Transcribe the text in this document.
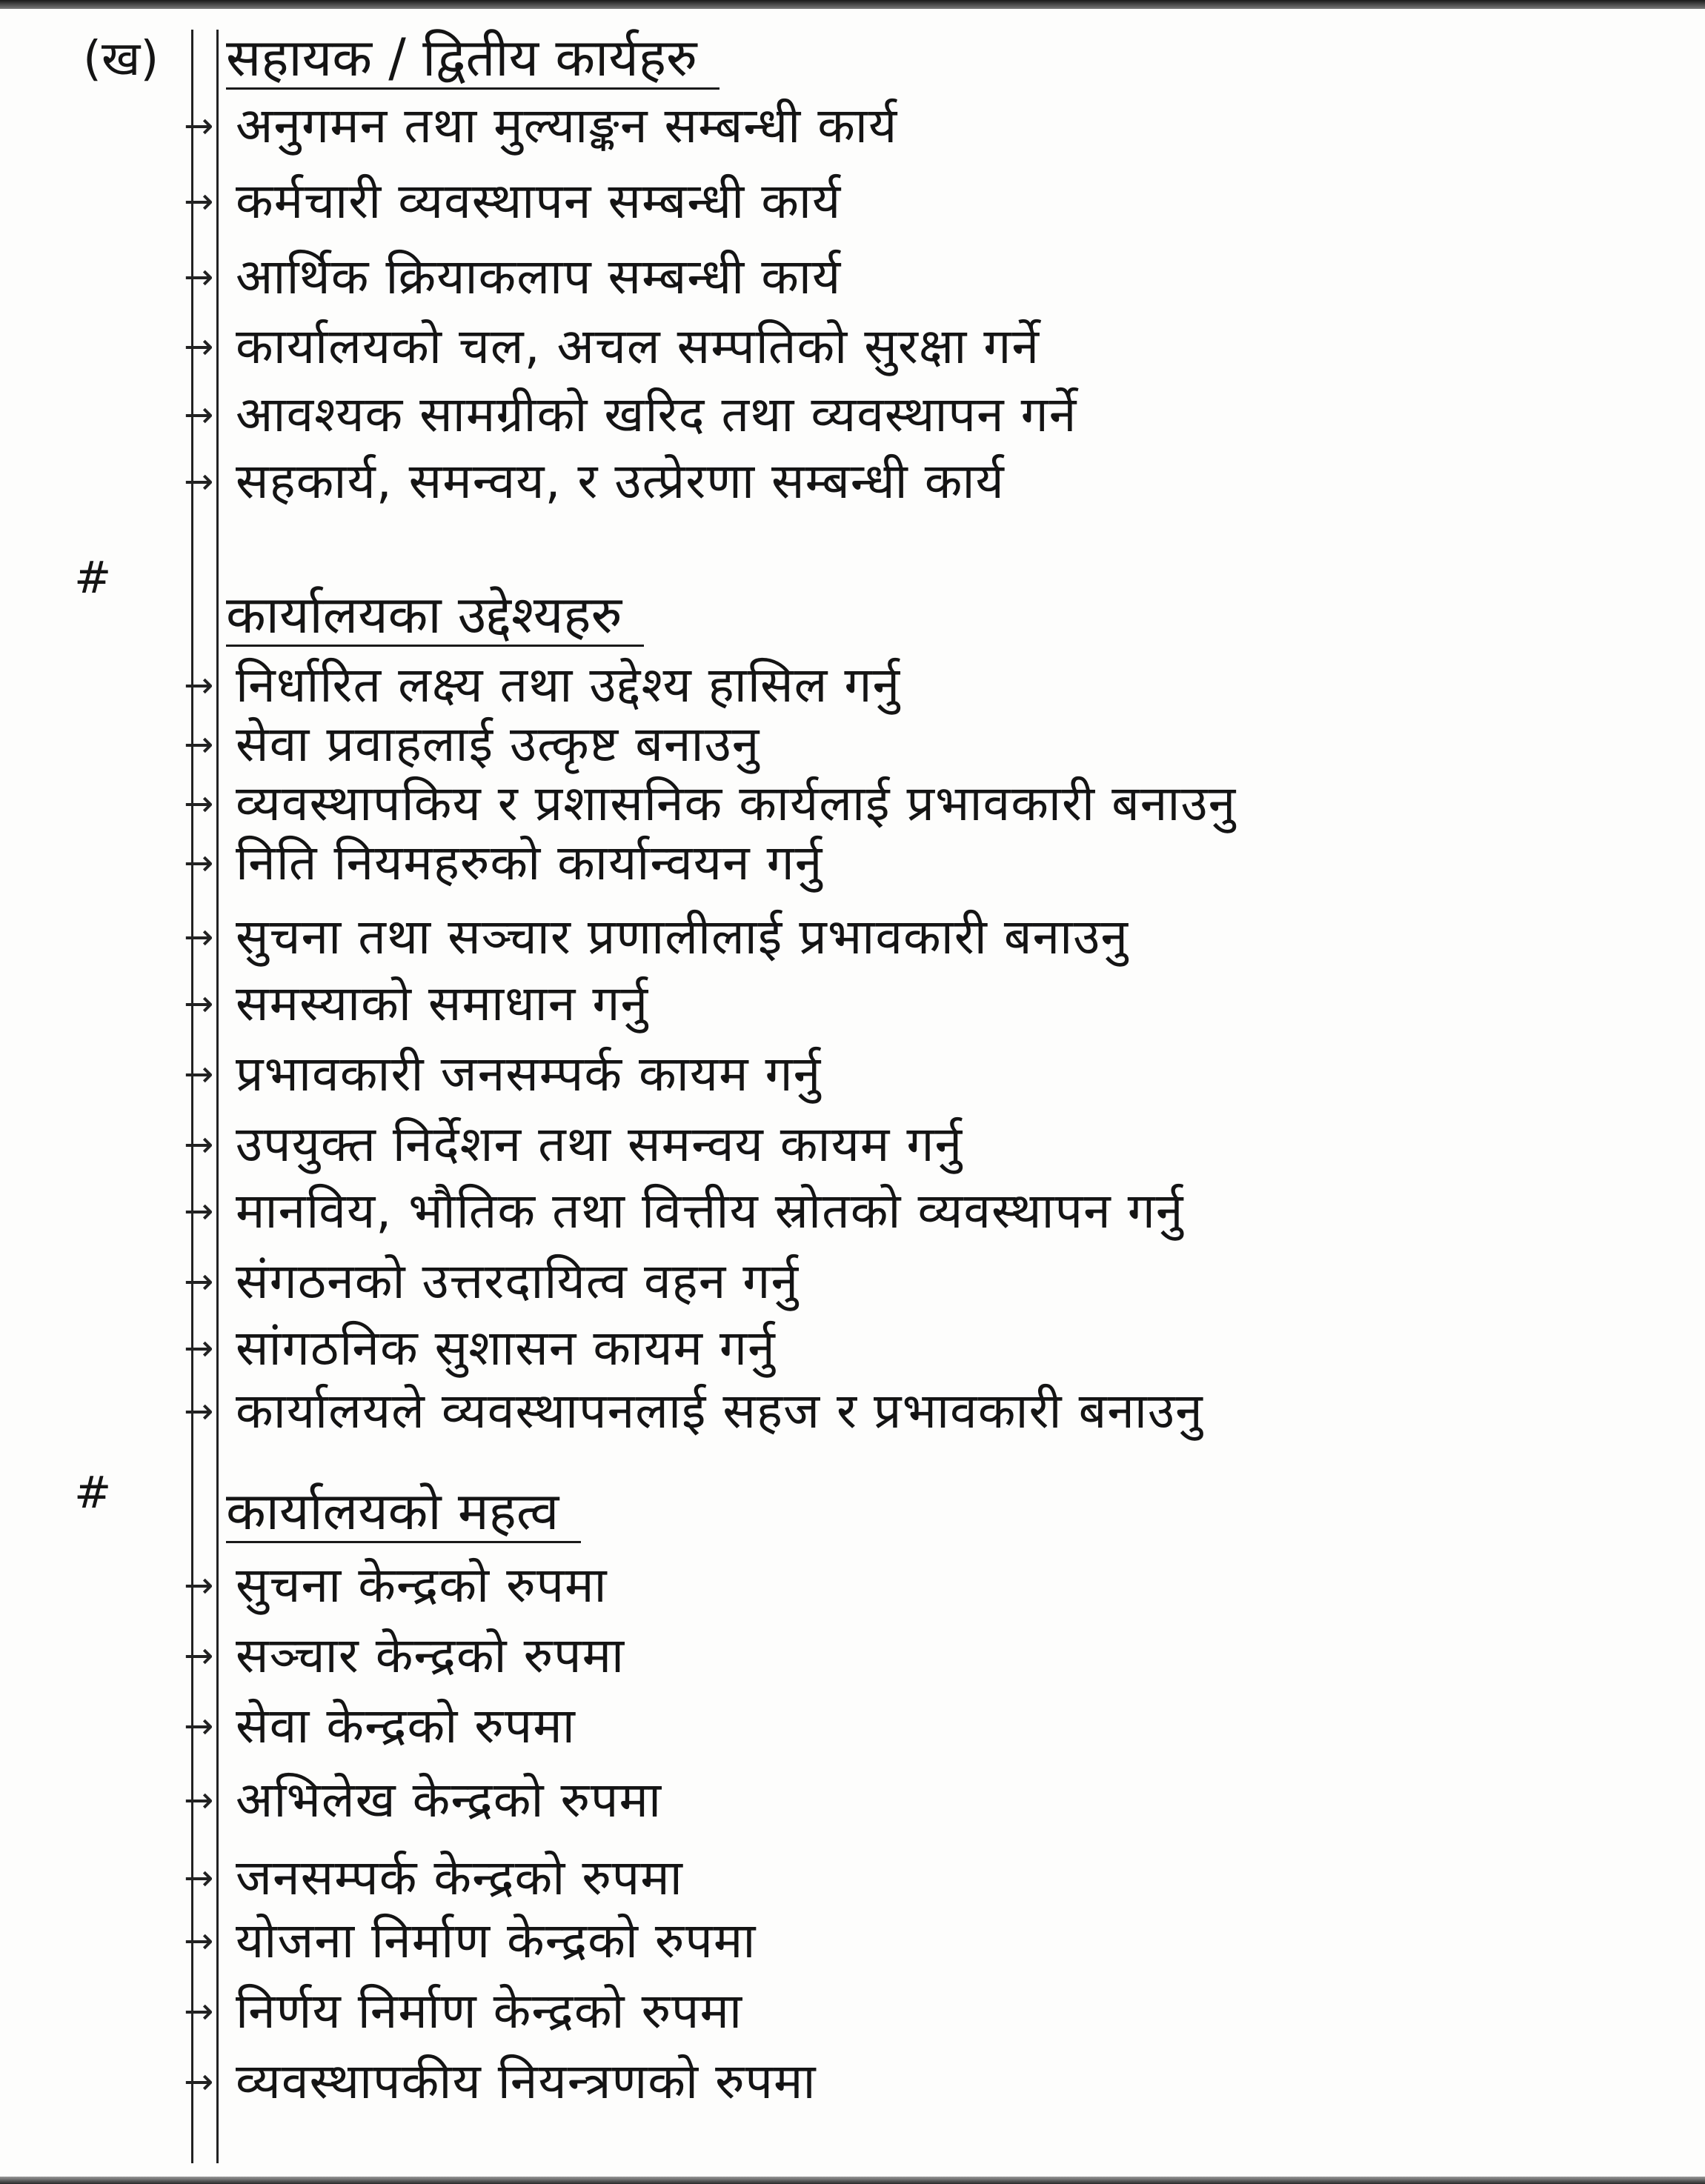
(ख) सहायक / द्वितीय कार्यहरु
→ अनुगमन तथा मुल्याङ्कन सम्बन्धी कार्य
→ कर्मचारी व्यवस्थापन सम्बन्धी कार्य
→ आर्थिक क्रियाकलाप सम्बन्धी कार्य
→ कार्यालयको चल, अचल सम्पतिको सुरक्षा गर्ने
→ आवश्यक सामग्रीको खरिद तथा व्यवस्थापन गर्ने
→ सहकार्य, समन्वय, र उत्प्रेरणा सम्बन्धी कार्य
#
कार्यालयका उद्देश्यहरु
→ निर्धारित लक्ष्य तथा उद्देश्य हासिल गर्नु
→ सेवा प्रवाहलाई उत्कृष्ट बनाउनु
→ व्यवस्थापकिय र प्रशासनिक कार्यलाई प्रभावकारी बनाउनु
→ निति नियमहरुको कार्यान्वयन गर्नु
→ सुचना तथा सञ्चार प्रणालीलाई प्रभावकारी बनाउनु
→ समस्याको समाधान गर्नु
→ प्रभावकारी जनसम्पर्क कायम गर्नु
→ उपयुक्त निर्देशन तथा समन्वय कायम गर्नु
→ मानविय, भौतिक तथा वित्तीय स्रोतको व्यवस्थापन गर्नु
→ संगठनको उत्तरदायित्व वहन गर्नु
→ सांगठनिक सुशासन कायम गर्नु
→ कार्यालयले व्यवस्थापनलाई सहज र प्रभावकारी बनाउनु
# कार्यालयको महत्व
→ सुचना केन्द्रको रुपमा
→ सञ्चार केन्द्रको रुपमा
→ सेवा केन्द्रको रुपमा
→ अभिलेख केन्द्रको रुपमा
→ जनसम्पर्क केन्द्रको रुपमा
→ योजना निर्माण केन्द्रको रुपमा
→ निर्णय निर्माण केन्द्रको रुपमा
→ व्यवस्थापकीय नियन्त्रणको रुपमा
